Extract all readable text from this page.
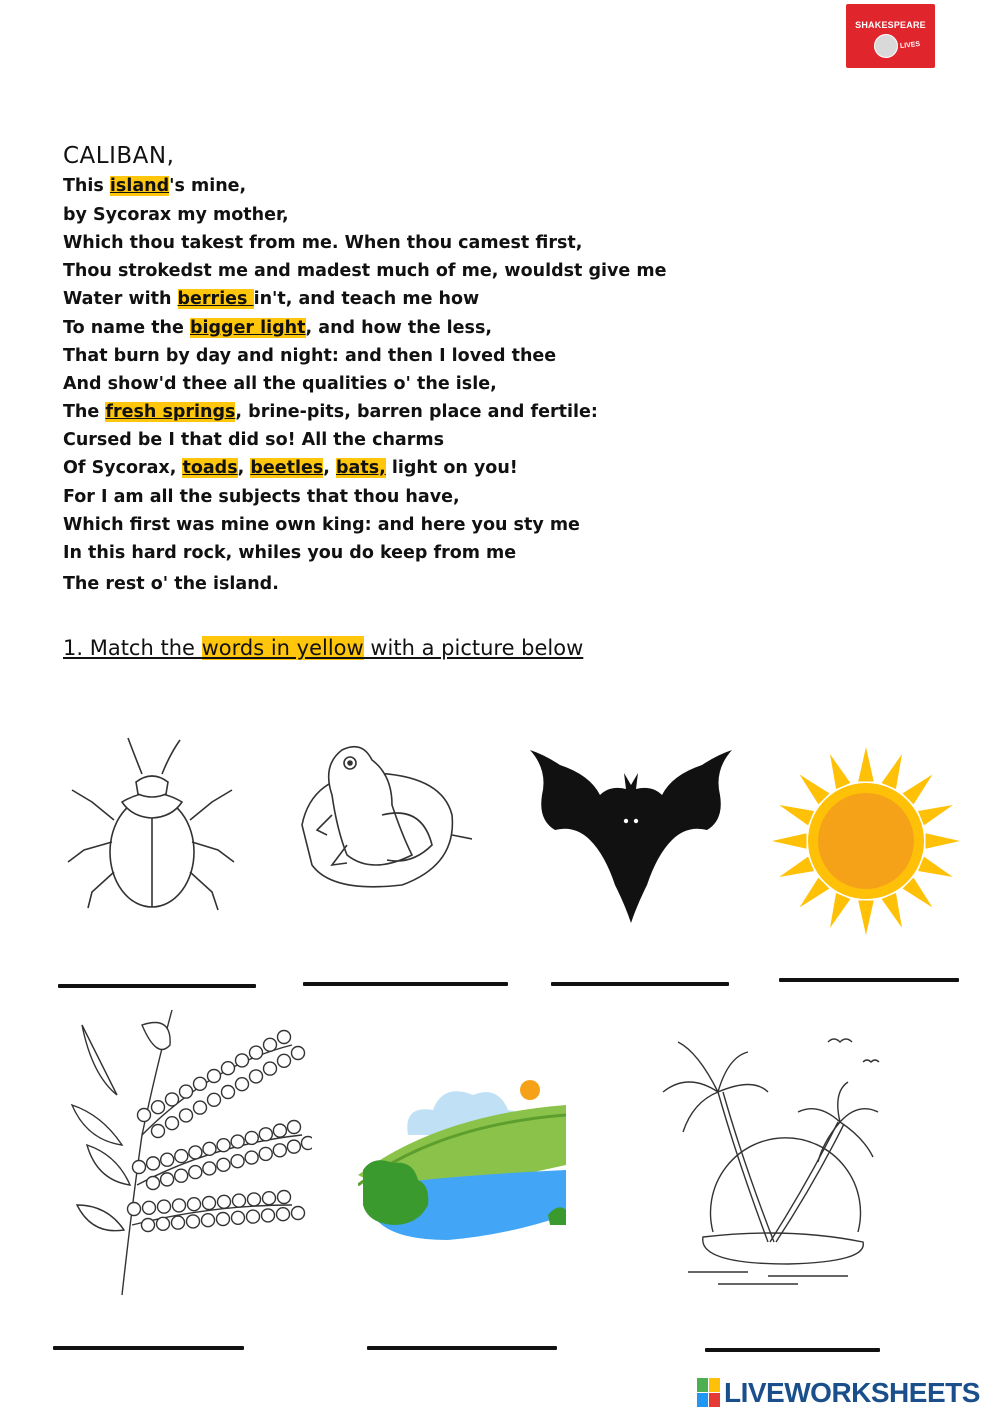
SHAKESPEARE
LIVES
CALIBAN,
This island's mine,
by Sycorax my mother,
Which thou takest from me. When thou camest first,
Thou strokedst me and madest much of me, wouldst give me
Water with berries in't, and teach me how
To name the bigger light, and how the less,
That burn by day and night: and then I loved thee
And show'd thee all the qualities o' the isle,
The fresh springs, brine-pits, barren place and fertile:
Cursed be I that did so! All the charms
Of Sycorax, toads, beetles, bats, light on you!
For I am all the subjects that thou have,
Which first was mine own king: and here you sty me
In this hard rock, whiles you do keep from me
The rest o' the island.
1. Match the words in yellow with a picture below
LIVEWORKSHEETS
